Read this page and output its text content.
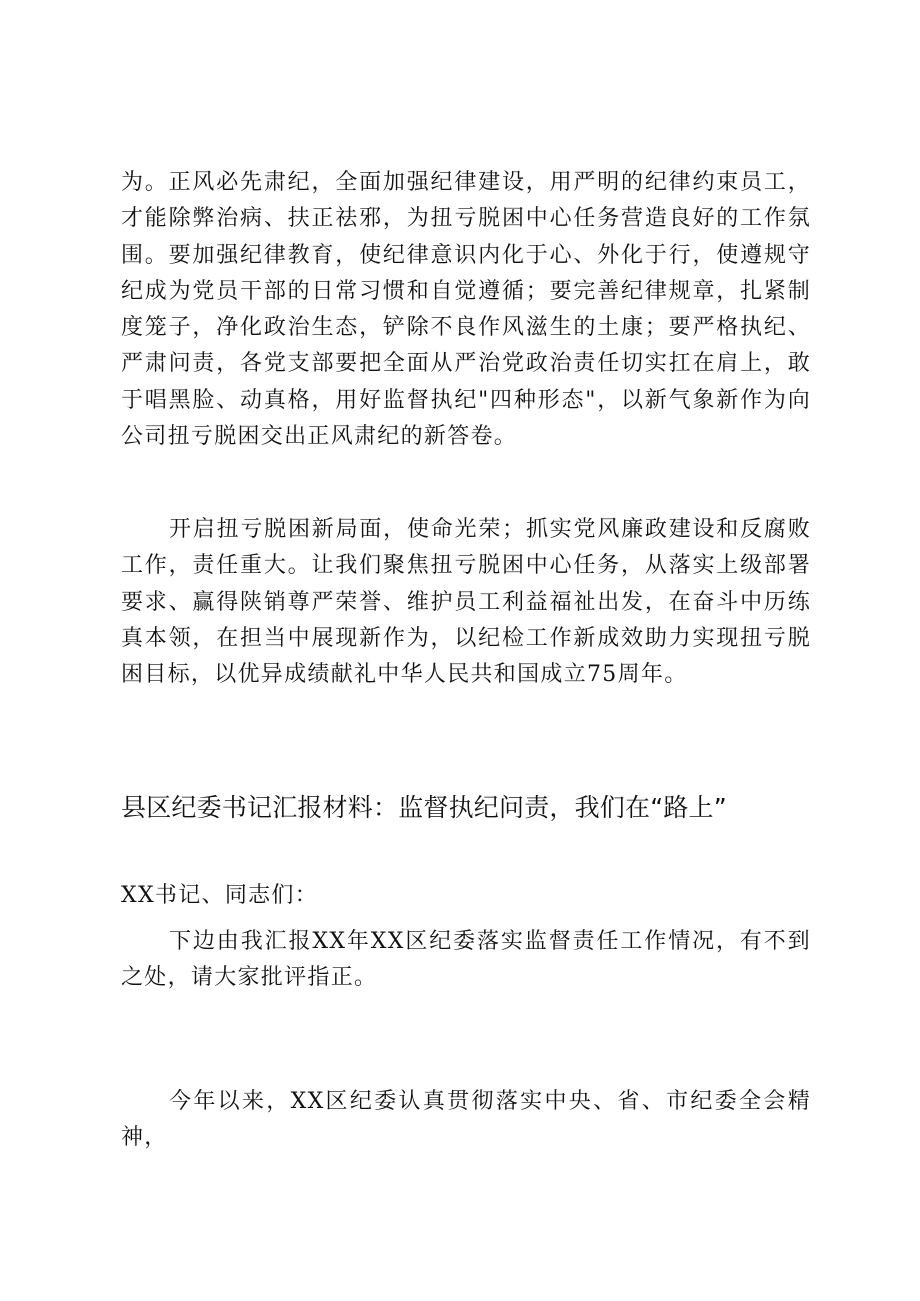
为。正风必先肃纪，全面加强纪律建设，用严明的纪律约束员工，才能除弊治病、扶正祛邪，为扭亏脱困中心任务营造良好的工作氛围。要加强纪律教育，使纪律意识内化于心、外化于行，使遵规守纪成为党员干部的日常习惯和自觉遵循；要完善纪律规章，扎紧制度笼子，净化政治生态，铲除不良作风滋生的土康；要严格执纪、严肃问责，各党支部要把全面从严治党政治责任切实扛在肩上，敢于唱黑脸、动真格，用好监督执纪"四种形态"，以新气象新作为向公司扭亏脱困交出正风肃纪的新答卷。

开启扭亏脱困新局面，使命光荣；抓实党风廉政建设和反腐败工作，责任重大。让我们聚焦扭亏脱困中心任务，从落实上级部署要求、赢得陕销尊严荣誉、维护员工利益福祉出发，在奋斗中历练真本领，在担当中展现新作为，以纪检工作新成效助力实现扭亏脱困目标，以优异成绩献礼中华人民共和国成立75周年。

县区纪委书记汇报材料：监督执纪问责，我们在“路上”

XX书记、同志们：

下边由我汇报XX年XX区纪委落实监督责任工作情况，有不到之处，请大家批评指正。

今年以来，XX区纪委认真贯彻落实中央、省、市纪委全会精神，
